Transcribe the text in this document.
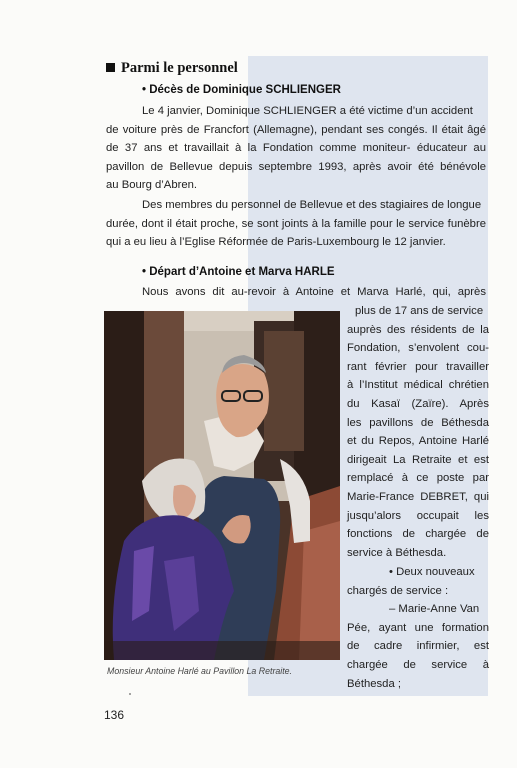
Parmi le personnel
• Décès de Dominique SCHLIENGER
Le 4 janvier, Dominique SCHLIENGER a été victime d’un accident
de voiture près de Francfort (Allemagne), pendant ses congés. Il était âgé
de 37 ans et travaillait à la Fondation comme moniteur- éducateur au
pavillon de Bellevue depuis septembre 1993, après avoir été bénévole
au Bourg d’Abren.
Des membres du personnel de Bellevue et des stagiaires de longue
durée, dont il était proche, se sont joints à la famille pour le service funèbre
qui a eu lieu à l’Eglise Réformée de Paris-Luxembourg le 12 janvier.
• Départ d’Antoine et Marva HARLE
Nous avons dit au-revoir à Antoine et Marva Harlé, qui, après
plus de 17 ans de service
auprès des résidents de la
Fondation, s’envolent cou-
rant février pour travailler
à l’Institut médical chrétien
du Kasaï (Zaïre). Après
les pavillons de Béthesda
et du Repos, Antoine Harlé
dirigeait La Retraite et est
remplacé à ce poste par
Marie-France DEBRET, qui
jusqu’alors occupait les
fonctions de chargée de
service à Béthesda.
• Deux nouveaux
chargés de service :
– Marie-Anne Van
Pée, ayant une formation
de cadre infirmier, est
chargée de service à
Béthesda ;
Monsieur Antoine Harlé au Pavillon La Retraite.
136
